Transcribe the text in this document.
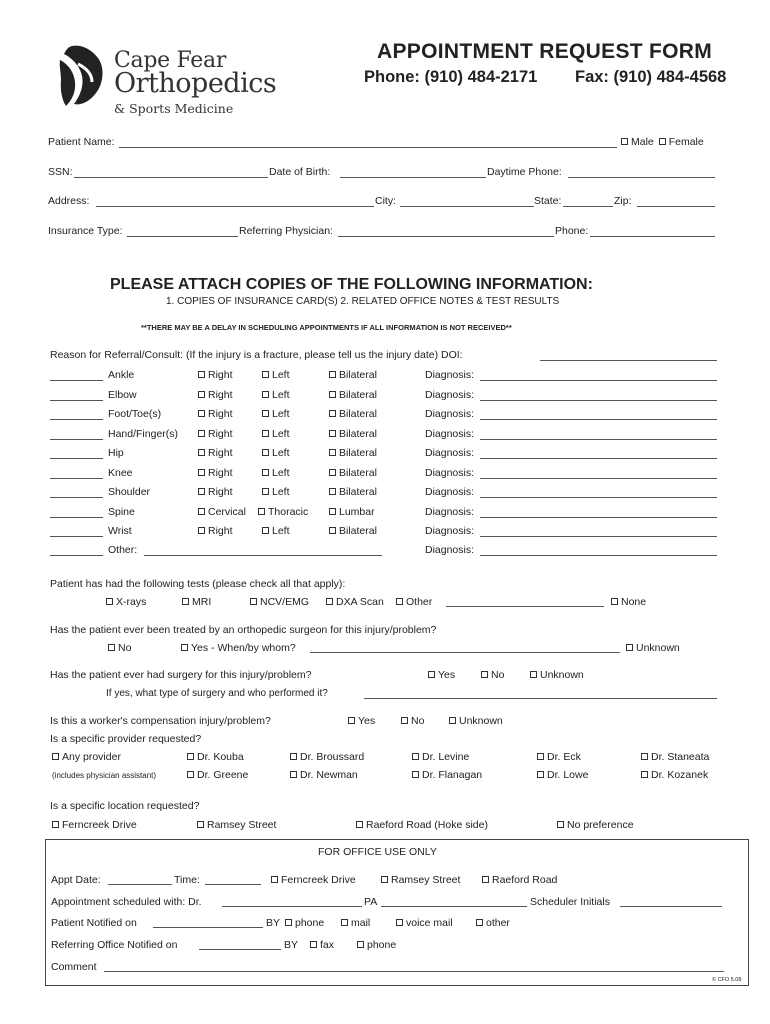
Cape Fear
Orthopedics
& Sports Medicine
APPOINTMENT REQUEST FORM
Phone: (910) 484-2171 Fax: (910) 484-4568
Patient Name:	Male Female
SSN:	Date of Birth:	Daytime Phone:
Address:	City:	State:	Zip:
Insurance Type:	Referring Physician:	Phone:
PLEASE ATTACH COPIES OF THE FOLLOWING INFORMATION:
1. COPIES OF INSURANCE CARD(S) 2. RELATED OFFICE NOTES & TEST RESULTS
**THERE MAY BE A DELAY IN SCHEDULING APPOINTMENTS IF ALL INFORMATION IS NOT RECEIVED**
Reason for Referral/Consult: (If the injury is a fracture, please tell us the injury date) DOI:
Ankle	Right	Left	Bilateral	Diagnosis:
Elbow	Right	Left	Bilateral	Diagnosis:
Foot/Toe(s)	Right	Left	Bilateral	Diagnosis:
Hand/Finger(s)	Right	Left	Bilateral	Diagnosis:
Hip	Right	Left	Bilateral	Diagnosis:
Knee	Right	Left	Bilateral	Diagnosis:
Shoulder	Right	Left	Bilateral	Diagnosis:
Spine	Cervical	Thoracic	Lumbar	Diagnosis:
Wrist	Right	Left	Bilateral	Diagnosis:
Other:	Diagnosis:
Patient has had the following tests (please check all that apply):
X-rays	MRI	NCV/EMG	DXA Scan	Other	None
Has the patient ever been treated by an orthopedic surgeon for this injury/problem?
No	Yes - When/by whom?	Unknown
Has the patient ever had surgery for this injury/problem?	Yes	No	Unknown
If yes, what type of surgery and who performed it?
Is this a worker's compensation injury/problem?	Yes	No	Unknown
Is a specific provider requested?
Any provider
(includes physician assistant)
Dr. Kouba	Dr. Broussard	Dr. Levine	Dr. Eck	Dr. Staneata
Dr. Greene	Dr. Newman	Dr. Flanagan	Dr. Lowe	Dr. Kozanek
Is a specific location requested?
Ferncreek Drive	Ramsey Street	Raeford Road (Hoke side)	No preference
FOR OFFICE USE ONLY
Appt Date:	Time:	Ferncreek Drive	Ramsey Street	Raeford Road
Appointment scheduled with: Dr.	PA	Scheduler Initials
Patient Notified on	BY	phone	mail	voice mail	other
Referring Office Notified on	BY	fax	phone
Comment
© CFO 5.08
